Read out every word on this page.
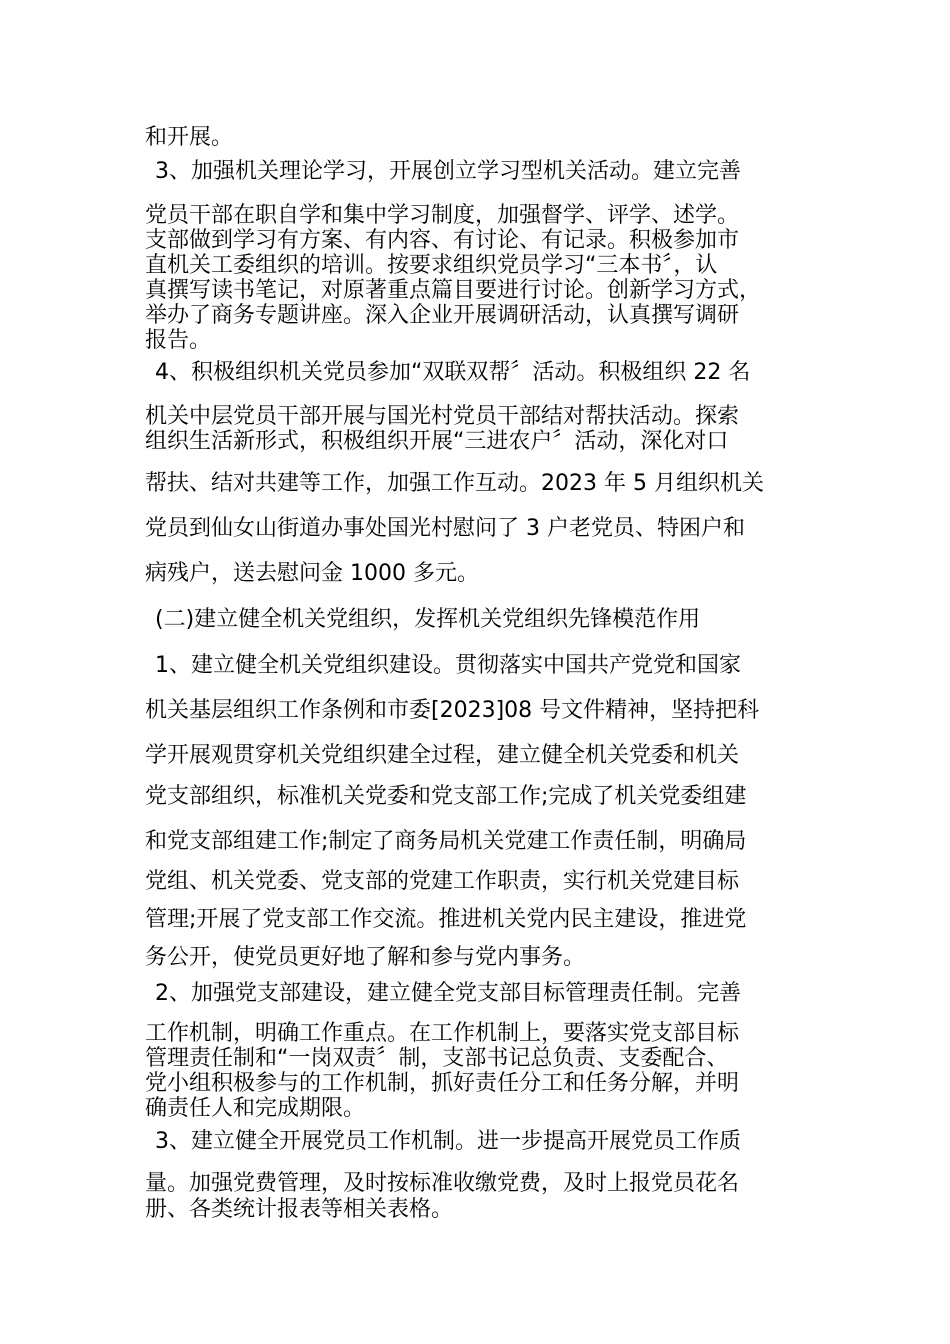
和开展。
3、加强机关理论学习，开展创立学习型机关活动。建立完善
党员干部在职自学和集中学习制度，加强督学、评学、述学。
支部做到学习有方案、有内容、有讨论、有记录。积极参加市
直机关工委组织的培训。按要求组织党员学习“三本书〞，认
真撰写读书笔记，对原著重点篇目要进行讨论。创新学习方式，
举办了商务专题讲座。深入企业开展调研活动，认真撰写调研
报告。
4、积极组织机关党员参加“双联双帮〞活动。积极组织 22 名
机关中层党员干部开展与国光村党员干部结对帮扶活动。探索
组织生活新形式，积极组织开展“三进农户〞活动，深化对口
帮扶、结对共建等工作，加强工作互动。2023 年 5 月组织机关
党员到仙女山街道办事处国光村慰问了 3 户老党员、特困户和
病残户，送去慰问金 1000 多元。
(二)建立健全机关党组织，发挥机关党组织先锋模范作用
1、建立健全机关党组织建设。贯彻落实中国共产党党和国家
机关基层组织工作条例和市委[2023]08 号文件精神，坚持把科
学开展观贯穿机关党组织建全过程，建立健全机关党委和机关
党支部组织，标准机关党委和党支部工作;完成了机关党委组建
和党支部组建工作;制定了商务局机关党建工作责任制，明确局
党组、机关党委、党支部的党建工作职责，实行机关党建目标
管理;开展了党支部工作交流。推进机关党内民主建设，推进党
务公开，使党员更好地了解和参与党内事务。
2、加强党支部建设，建立健全党支部目标管理责任制。完善
工作机制，明确工作重点。在工作机制上，要落实党支部目标
管理责任制和“一岗双责〞制，支部书记总负责、支委配合、
党小组积极参与的工作机制，抓好责任分工和任务分解，并明
确责任人和完成期限。
3、建立健全开展党员工作机制。进一步提高开展党员工作质
量。加强党费管理，及时按标准收缴党费，及时上报党员花名
册、各类统计报表等相关表格。
